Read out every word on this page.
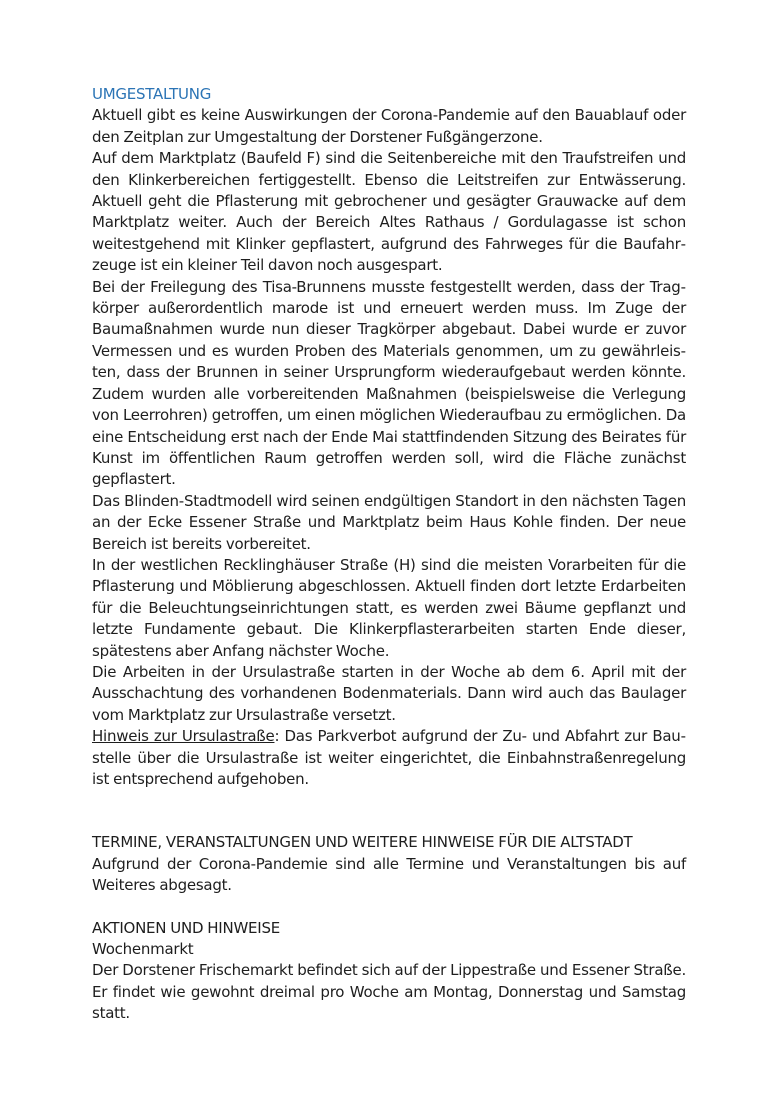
UMGESTALTUNG

Aktuell gibt es keine Auswirkungen der Corona-Pandemie auf den Bauablauf oder den Zeitplan zur Umgestaltung der Dorstener Fußgängerzone.

Auf dem Marktplatz (Baufeld F) sind die Seitenbereiche mit den Traufstreifen und den Klinkerbereichen fertiggestellt. Ebenso die Leitstreifen zur Entwässerung. Aktuell geht die Pflasterung mit gebrochener und gesägter Grauwacke auf dem Marktplatz weiter. Auch der Bereich Altes Rathaus / Gordulagasse ist schon weitestgehend mit Klinker gepflastert, aufgrund des Fahrweges für die Baufahrzeuge ist ein kleiner Teil davon noch ausgespart.

Bei der Freilegung des Tisa-Brunnens musste festgestellt werden, dass der Tragkörper außerordentlich marode ist und erneuert werden muss. Im Zuge der Baumaßnahmen wurde nun dieser Tragkörper abgebaut. Dabei wurde er zuvor Vermessen und es wurden Proben des Materials genommen, um zu gewährleisten, dass der Brunnen in seiner Ursprungform wiederaufgebaut werden könnte. Zudem wurden alle vorbereitenden Maßnahmen (beispielsweise die Verlegung von Leerrohren) getroffen, um einen möglichen Wiederaufbau zu ermöglichen. Da eine Entscheidung erst nach der Ende Mai stattfindenden Sitzung des Beirates für Kunst im öffentlichen Raum getroffen werden soll, wird die Fläche zunächst gepflastert.

Das Blinden-Stadtmodell wird seinen endgültigen Standort in den nächsten Tagen an der Ecke Essener Straße und Marktplatz beim Haus Kohle finden. Der neue Bereich ist bereits vorbereitet.

In der westlichen Recklinghäuser Straße (H) sind die meisten Vorarbeiten für die Pflasterung und Möblierung abgeschlossen. Aktuell finden dort letzte Erdarbeiten für die Beleuchtungseinrichtungen statt, es werden zwei Bäume gepflanzt und letzte Fundamente gebaut. Die Klinkerpflasterarbeiten starten Ende dieser, spätestens aber Anfang nächster Woche.

Die Arbeiten in der Ursulastraße starten in der Woche ab dem 6. April mit der Ausschachtung des vorhandenen Bodenmaterials. Dann wird auch das Baulager vom Marktplatz zur Ursulastraße versetzt.

Hinweis zur Ursulastraße: Das Parkverbot aufgrund der Zu- und Abfahrt zur Baustelle über die Ursulastraße ist weiter eingerichtet, die Einbahnstraßenregelung ist entsprechend aufgehoben.

TERMINE, VERANSTALTUNGEN UND WEITERE HINWEISE FÜR DIE ALTSTADT

Aufgrund der Corona-Pandemie sind alle Termine und Veranstaltungen bis auf Weiteres abgesagt.

AKTIONEN UND HINWEISE

Wochenmarkt

Der Dorstener Frischemarkt befindet sich auf der Lippestraße und Essener Straße. Er findet wie gewohnt dreimal pro Woche am Montag, Donnerstag und Samstag statt.
